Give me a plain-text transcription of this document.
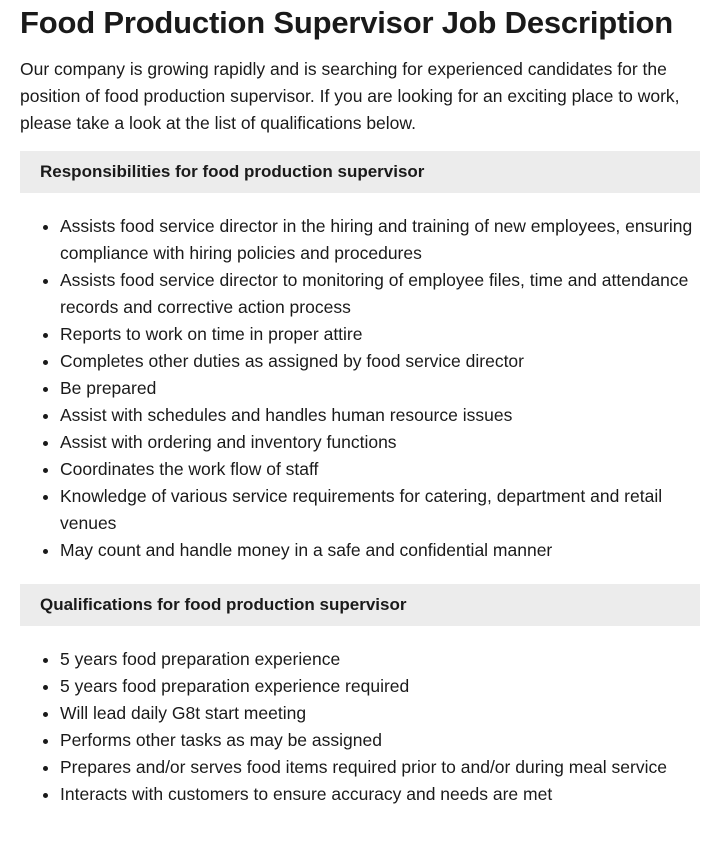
Food Production Supervisor Job Description

Our company is growing rapidly and is searching for experienced candidates for the position of food production supervisor. If you are looking for an exciting place to work, please take a look at the list of qualifications below.

Responsibilities for food production supervisor
• Assists food service director in the hiring and training of new employees, ensuring compliance with hiring policies and procedures
• Assists food service director to monitoring of employee files, time and attendance records and corrective action process
• Reports to work on time in proper attire
• Completes other duties as assigned by food service director
• Be prepared
• Assist with schedules and handles human resource issues
• Assist with ordering and inventory functions
• Coordinates the work flow of staff
• Knowledge of various service requirements for catering, department and retail venues
• May count and handle money in a safe and confidential manner
Qualifications for food production supervisor
• 5 years food preparation experience
• 5 years food preparation experience required
• Will lead daily G8t start meeting
• Performs other tasks as may be assigned
• Prepares and/or serves food items required prior to and/or during meal service
• Interacts with customers to ensure accuracy and needs are met
